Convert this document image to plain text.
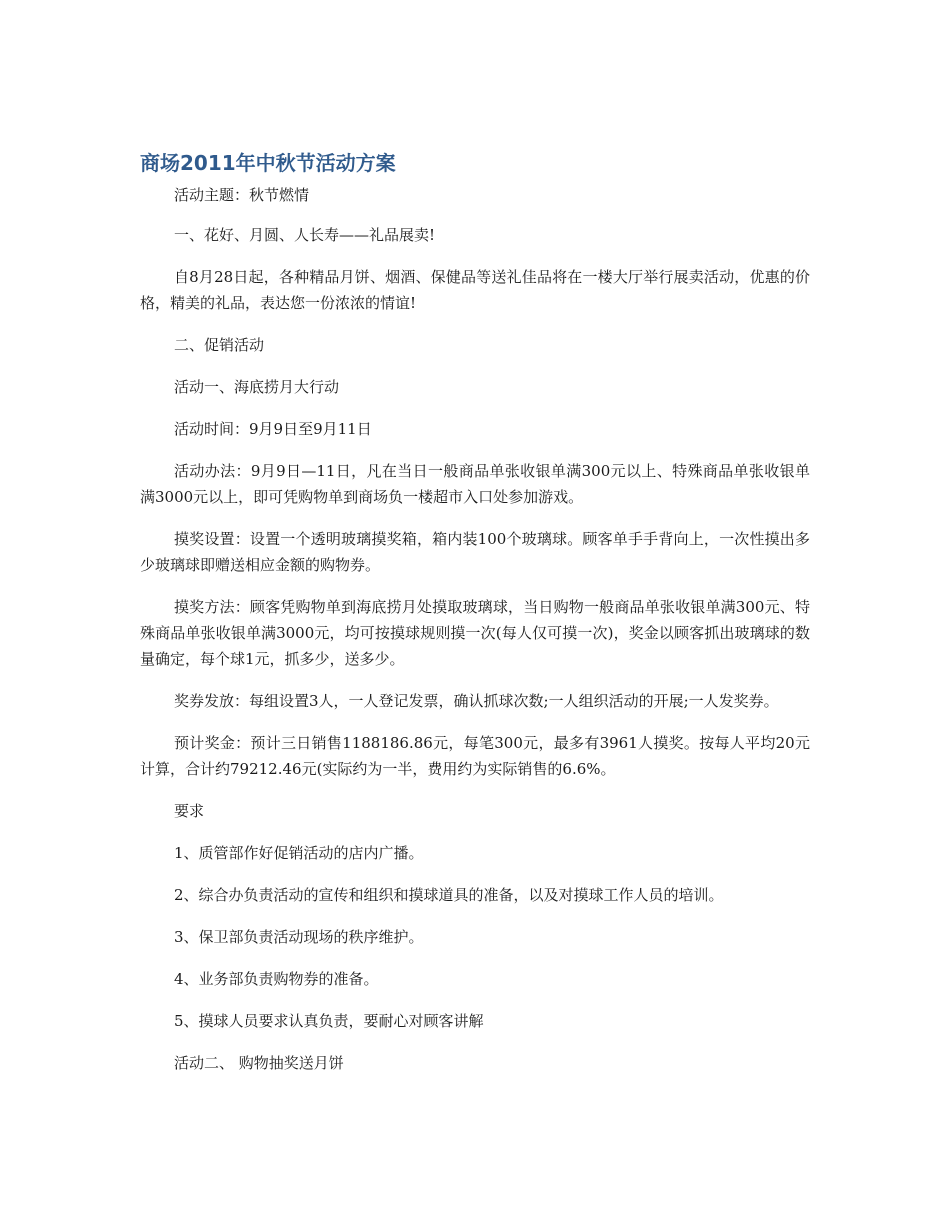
商场2011年中秋节活动方案

活动主题：秋节燃情

一、花好、月圆、人长寿——礼品展卖!

自8月28日起，各种精品月饼、烟酒、保健品等送礼佳品将在一楼大厅举行展卖活动，优惠的价格，精美的礼品，表达您一份浓浓的情谊!

二、促销活动

活动一、海底捞月大行动

活动时间：9月9日至9月11日

活动办法：9月9日—11日，凡在当日一般商品单张收银单满300元以上、特殊商品单张收银单满3000元以上，即可凭购物单到商场负一楼超市入口处参加游戏。

摸奖设置：设置一个透明玻璃摸奖箱，箱内装100个玻璃球。顾客单手手背向上，一次性摸出多少玻璃球即赠送相应金额的购物券。

摸奖方法：顾客凭购物单到海底捞月处摸取玻璃球，当日购物一般商品单张收银单满300元、特殊商品单张收银单满3000元，均可按摸球规则摸一次(每人仅可摸一次)，奖金以顾客抓出玻璃球的数量确定，每个球1元，抓多少，送多少。

奖券发放：每组设置3人，一人登记发票，确认抓球次数;一人组织活动的开展;一人发奖券。

预计奖金：预计三日销售1188186.86元，每笔300元，最多有3961人摸奖。按每人平均20元计算，合计约79212.46元(实际约为一半，费用约为实际销售的6.6%。

要求

1、质管部作好促销活动的店内广播。

2、综合办负责活动的宣传和组织和摸球道具的准备，以及对摸球工作人员的培训。

3、保卫部负责活动现场的秩序维护。

4、业务部负责购物券的准备。

5、摸球人员要求认真负责，要耐心对顾客讲解

活动二、 购物抽奖送月饼
